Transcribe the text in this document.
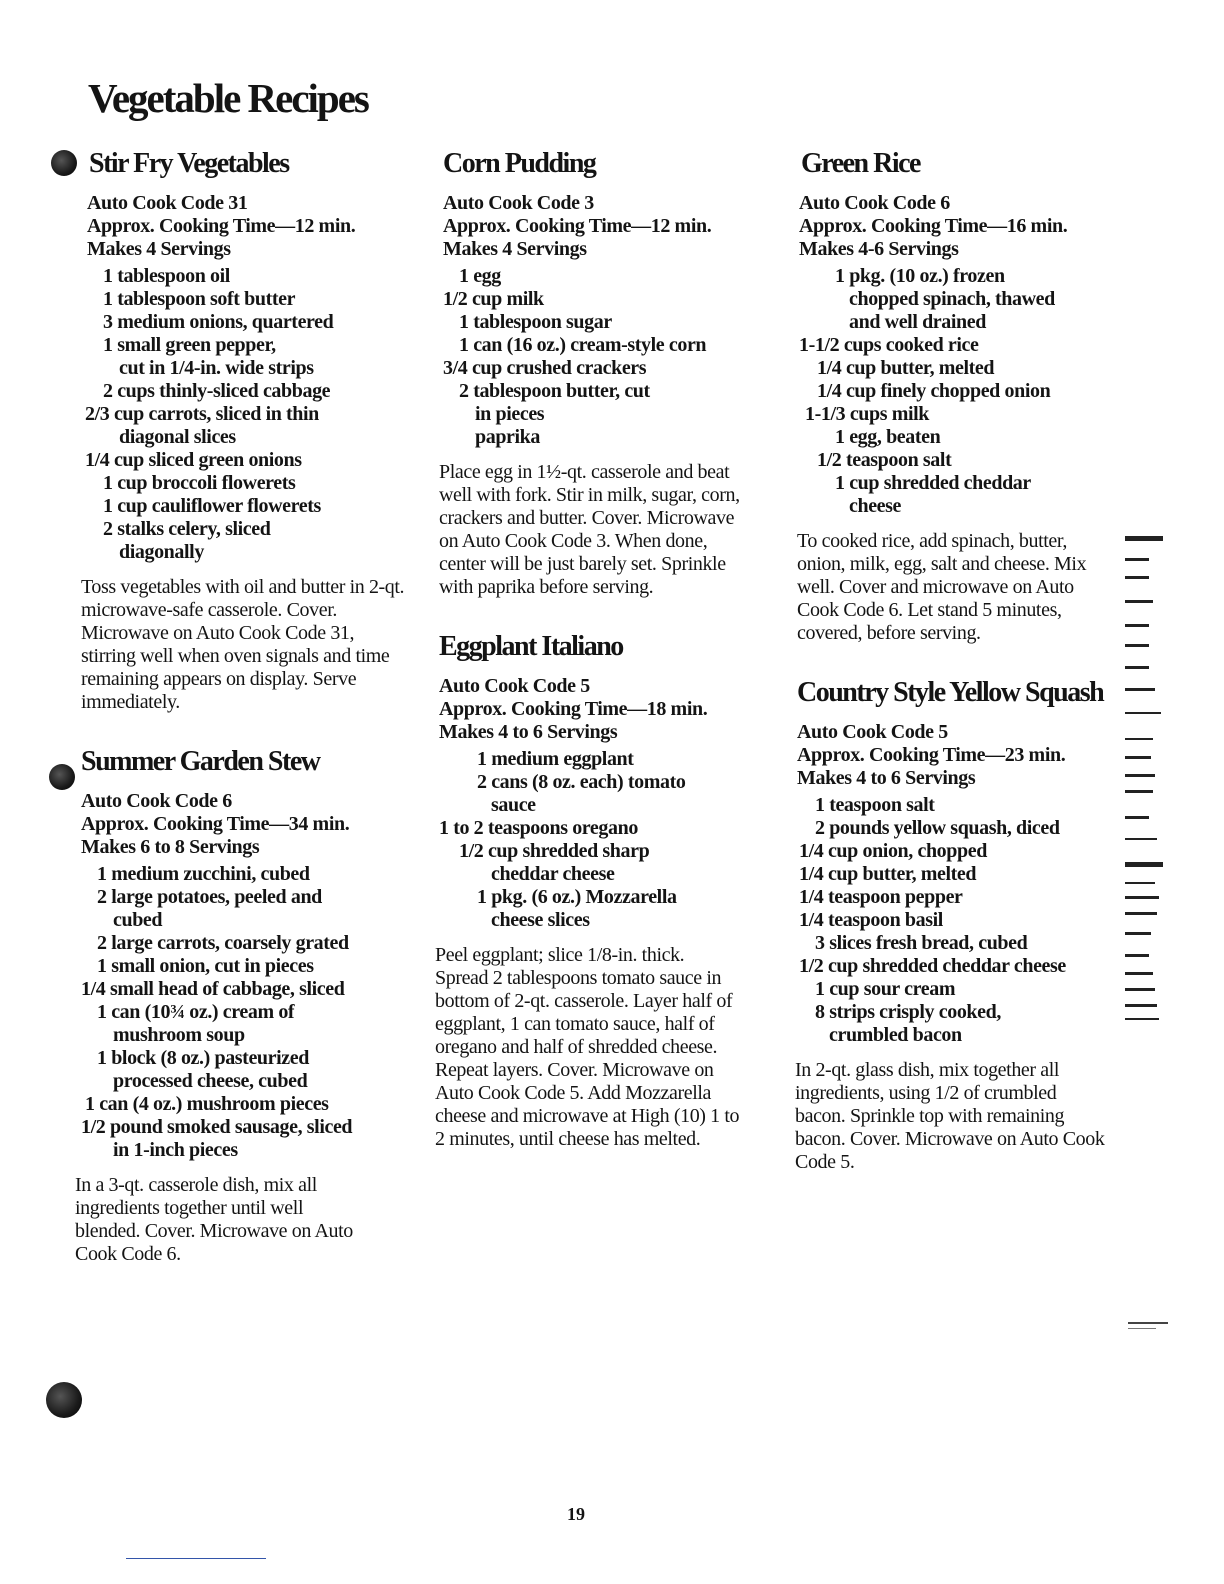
Vegetable Recipes
Stir Fry Vegetables
Auto Cook Code 31
Approx. Cooking Time—12 min.
Makes 4 Servings
1 tablespoon oil
1 tablespoon soft butter
3 medium onions, quartered
1 small green pepper,
cut in 1/4-in. wide strips
2 cups thinly-sliced cabbage
2/3 cup carrots, sliced in thin
diagonal slices
1/4 cup sliced green onions
1 cup broccoli flowerets
1 cup cauliflower flowerets
2 stalks celery, sliced
diagonally

Toss vegetables with oil and butter in 2-qt. microwave-safe casserole. Cover. Microwave on Auto Cook Code 31, stirring well when oven signals and time remaining appears on display. Serve immediately.

Summer Garden Stew
Auto Cook Code 6
Approx. Cooking Time—34 min.
Makes 6 to 8 Servings
1 medium zucchini, cubed
2 large potatoes, peeled and
cubed
2 large carrots, coarsely grated
1 small onion, cut in pieces
1/4 small head of cabbage, sliced
1 can (10¾ oz.) cream of
mushroom soup
1 block (8 oz.) pasteurized
processed cheese, cubed
1 can (4 oz.) mushroom pieces
1/2 pound smoked sausage, sliced
in 1-inch pieces

In a 3-qt. casserole dish, mix all ingredients together until well blended. Cover. Microwave on Auto Cook Code 6.

Corn Pudding
Auto Cook Code 3
Approx. Cooking Time—12 min.
Makes 4 Servings
1 egg
1/2 cup milk
1 tablespoon sugar
1 can (16 oz.) cream-style corn
3/4 cup crushed crackers
2 tablespoon butter, cut
in pieces
paprika

Place egg in 1½-qt. casserole and beat well with fork. Stir in milk, sugar, corn, crackers and butter. Cover. Microwave on Auto Cook Code 3. When done, center will be just barely set. Sprinkle with paprika before serving.

Eggplant Italiano
Auto Cook Code 5
Approx. Cooking Time—18 min.
Makes 4 to 6 Servings
1 medium eggplant
2 cans (8 oz. each) tomato
sauce
1 to 2 teaspoons oregano
1/2 cup shredded sharp
cheddar cheese
1 pkg. (6 oz.) Mozzarella
cheese slices

Peel eggplant; slice 1/8-in. thick. Spread 2 tablespoons tomato sauce in bottom of 2-qt. casserole. Layer half of eggplant, 1 can tomato sauce, half of oregano and half of shredded cheese. Repeat layers. Cover. Microwave on Auto Cook Code 5. Add Mozzarella cheese and microwave at High (10) 1 to 2 minutes, until cheese has melted.

Green Rice
Auto Cook Code 6
Approx. Cooking Time—16 min.
Makes 4-6 Servings
1 pkg. (10 oz.) frozen
chopped spinach, thawed
and well drained
1-1/2 cups cooked rice
1/4 cup butter, melted
1/4 cup finely chopped onion
1-1/3 cups milk
1 egg, beaten
1/2 teaspoon salt
1 cup shredded cheddar
cheese

To cooked rice, add spinach, butter, onion, milk, egg, salt and cheese. Mix well. Cover and microwave on Auto Cook Code 6. Let stand 5 minutes, covered, before serving.

Country Style Yellow Squash
Auto Cook Code 5
Approx. Cooking Time—23 min.
Makes 4 to 6 Servings
1 teaspoon salt
2 pounds yellow squash, diced
1/4 cup onion, chopped
1/4 cup butter, melted
1/4 teaspoon pepper
1/4 teaspoon basil
3 slices fresh bread, cubed
1/2 cup shredded cheddar cheese
1 cup sour cream
8 strips crisply cooked,
crumbled bacon

In 2-qt. glass dish, mix together all ingredients, using 1/2 of crumbled bacon. Sprinkle top with remaining bacon. Cover. Microwave on Auto Cook Code 5.

19
